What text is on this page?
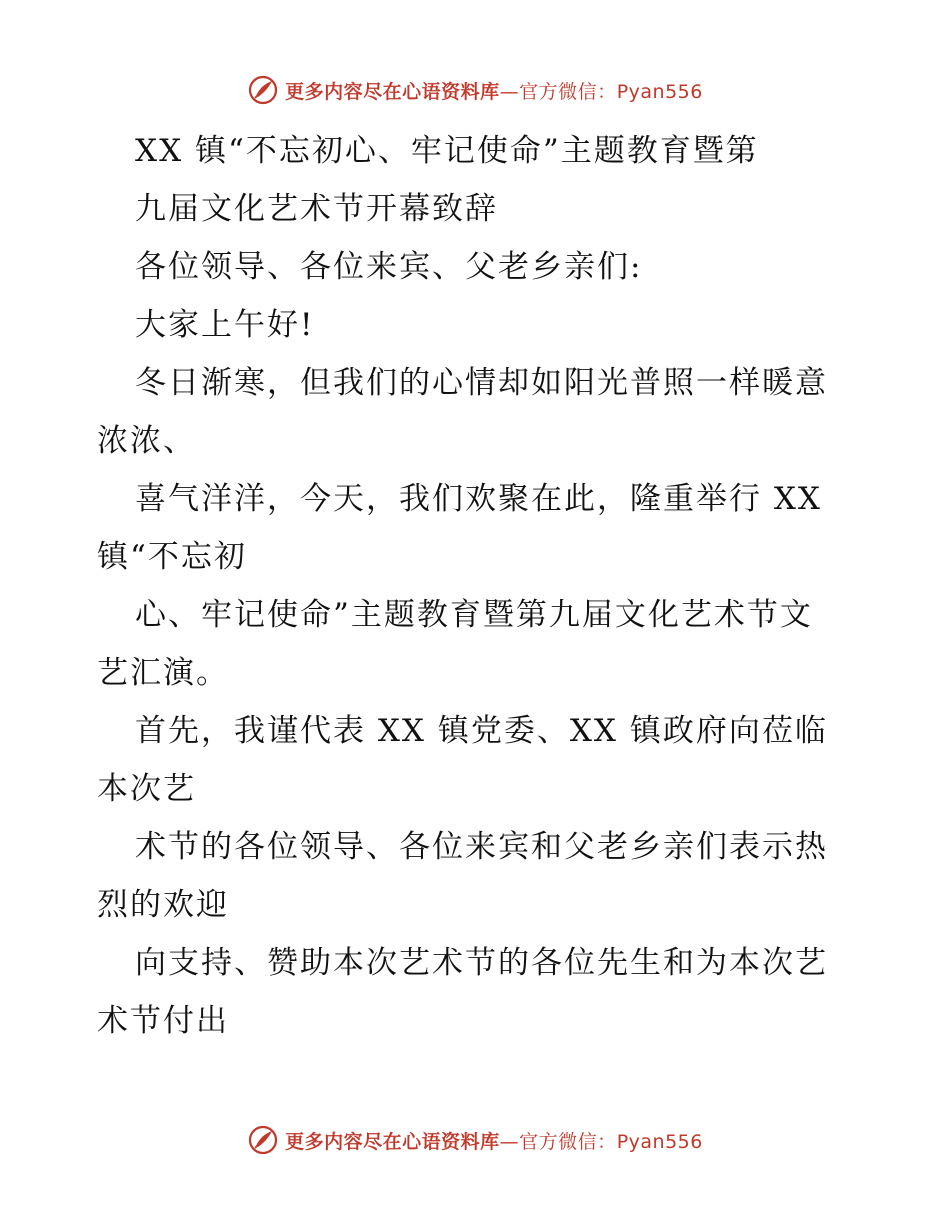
更多内容尽在心语资料库—官方微信：Pyan556
XX 镇“不忘初心、牢记使命”主题教育暨第
九届文化艺术节开幕致辞
各位领导、各位来宾、父老乡亲们:
大家上午好!
冬日渐寒，但我们的心情却如阳光普照一样暖意
浓浓、
喜气洋洋，今天，我们欢聚在此，隆重举行 XX
镇“不忘初
心、牢记使命”主题教育暨第九届文化艺术节文
艺汇演。
首先，我谨代表 XX 镇党委、XX 镇政府向莅临
本次艺
术节的各位领导、各位来宾和父老乡亲们表示热
烈的欢迎
向支持、赞助本次艺术节的各位先生和为本次艺
术节付出
更多内容尽在心语资料库—官方微信：Pyan556
